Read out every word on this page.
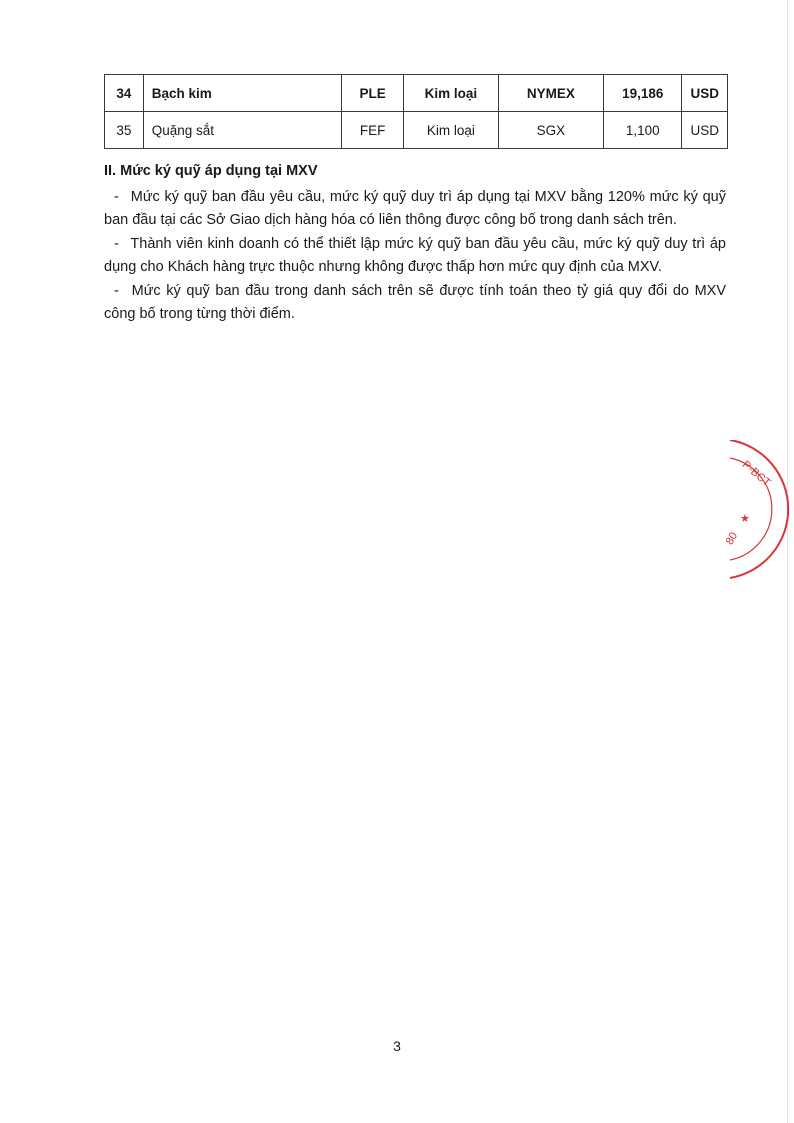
34	Bạch kim	PLE	Kim loại	NYMEX	19,186	USD
35	Quặng sắt	FEF	Kim loại	SGX	1,100	USD
II. Mức ký quỹ áp dụng tại MXV

- Mức ký quỹ ban đầu yêu cầu, mức ký quỹ duy trì áp dụng tại MXV bằng 120% mức ký quỹ ban đầu tại các Sở Giao dịch hàng hóa có liên thông được công bố trong danh sách trên.

- Thành viên kinh doanh có thể thiết lập mức ký quỹ ban đầu yêu cầu, mức ký quỹ duy trì áp dụng cho Khách hàng trực thuộc nhưng không được thấp hơn mức quy định của MXV.

- Mức ký quỹ ban đầu trong danh sách trên sẽ được tính toán theo tỷ giá quy đổi do MXV công bố trong từng thời điểm.

P-BCT
★
80
3
